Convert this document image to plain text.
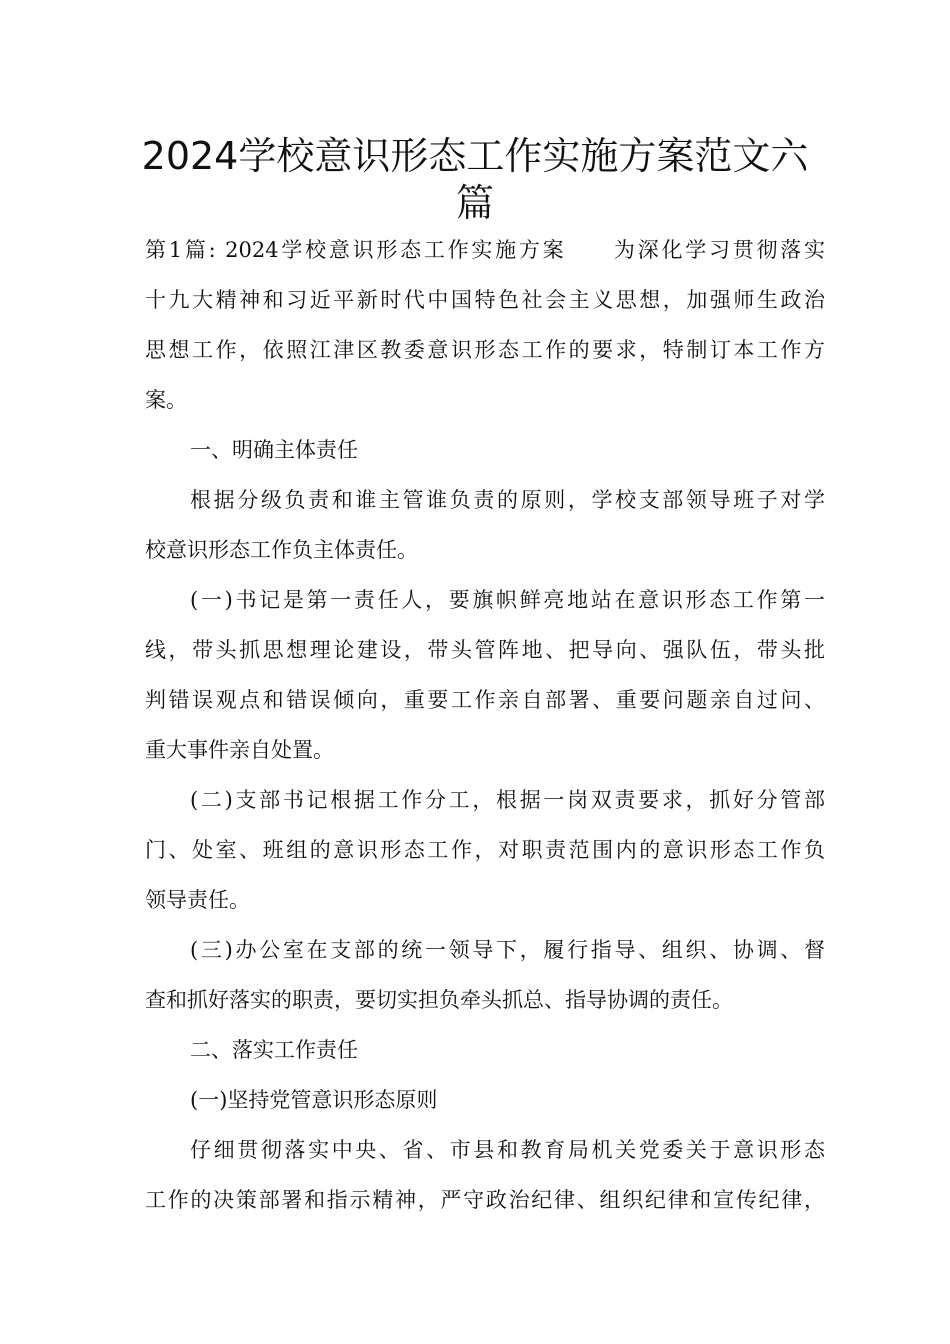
2024学校意识形态工作实施方案范文六
篇
第1篇: 2024学校意识形态工作实施方案　　为深化学习贯彻落实
十九大精神和习近平新时代中国特色社会主义思想，加强师生政治
思想工作，依照江津区教委意识形态工作的要求，特制订本工作方
案。
一、明确主体责任
根据分级负责和谁主管谁负责的原则，学校支部领导班子对学
校意识形态工作负主体责任。
(一)书记是第一责任人，要旗帜鲜亮地站在意识形态工作第一
线，带头抓思想理论建设，带头管阵地、把导向、强队伍，带头批
判错误观点和错误倾向，重要工作亲自部署、重要问题亲自过问、
重大事件亲自处置。
(二)支部书记根据工作分工，根据一岗双责要求，抓好分管部
门、处室、班组的意识形态工作，对职责范围内的意识形态工作负
领导责任。
(三)办公室在支部的统一领导下，履行指导、组织、协调、督
查和抓好落实的职责，要切实担负牵头抓总、指导协调的责任。
二、落实工作责任
(一)坚持党管意识形态原则
仔细贯彻落实中央、省、市县和教育局机关党委关于意识形态
工作的决策部署和指示精神，严守政治纪律、组织纪律和宣传纪律，
